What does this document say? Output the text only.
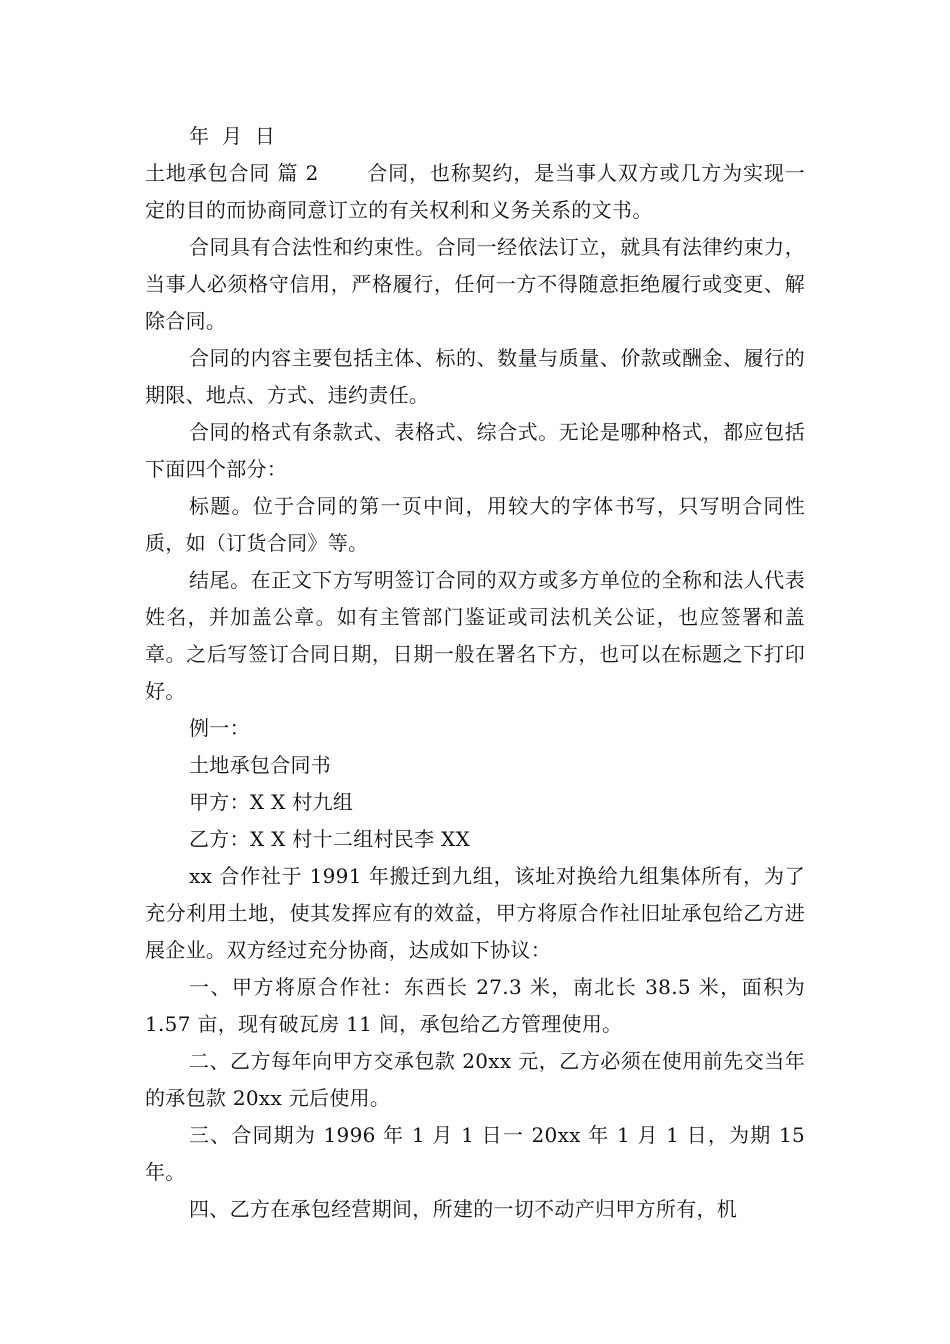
年 月 日

土地承包合同 篇 2 合同，也称契约，是当事人双方或几方为实现一定的目的而协商同意订立的有关权利和义务关系的文书。

合同具有合法性和约束性。合同一经依法订立，就具有法律约束力，当事人必须格守信用，严格履行，任何一方不得随意拒绝履行或变更、解除合同。

合同的内容主要包括主体、标的、数量与质量、价款或酬金、履行的期限、地点、方式、违约责任。

合同的格式有条款式、表格式、综合式。无论是哪种格式，都应包括下面四个部分：

标题。位于合同的第一页中间，用较大的字体书写，只写明合同性质，如（订货合同》等。

结尾。在正文下方写明签订合同的双方或多方单位的全称和法人代表姓名，并加盖公章。如有主管部门鉴证或司法机关公证，也应签署和盖章。之后写签订合同日期，日期一般在署名下方，也可以在标题之下打印好。

例一：

土地承包合同书

甲方：X X 村九组

乙方：X X 村十二组村民李 XX

xx 合作社于 1991 年搬迁到九组，该址对换给九组集体所有，为了充分利用土地，使其发挥应有的效益，甲方将原合作社旧址承包给乙方进展企业。双方经过充分协商，达成如下协议：

一、甲方将原合作社：东西长 27.3 米，南北长 38.5 米，面积为 1.57 亩，现有破瓦房 11 间，承包给乙方管理使用。

二、乙方每年向甲方交承包款 20xx 元，乙方必须在使用前先交当年的承包款 20xx 元后使用。

三、合同期为 1996 年 1 月 1 日一 20xx 年 1 月 1 日，为期 15 年。

四、乙方在承包经营期间，所建的一切不动产归甲方所有，机
